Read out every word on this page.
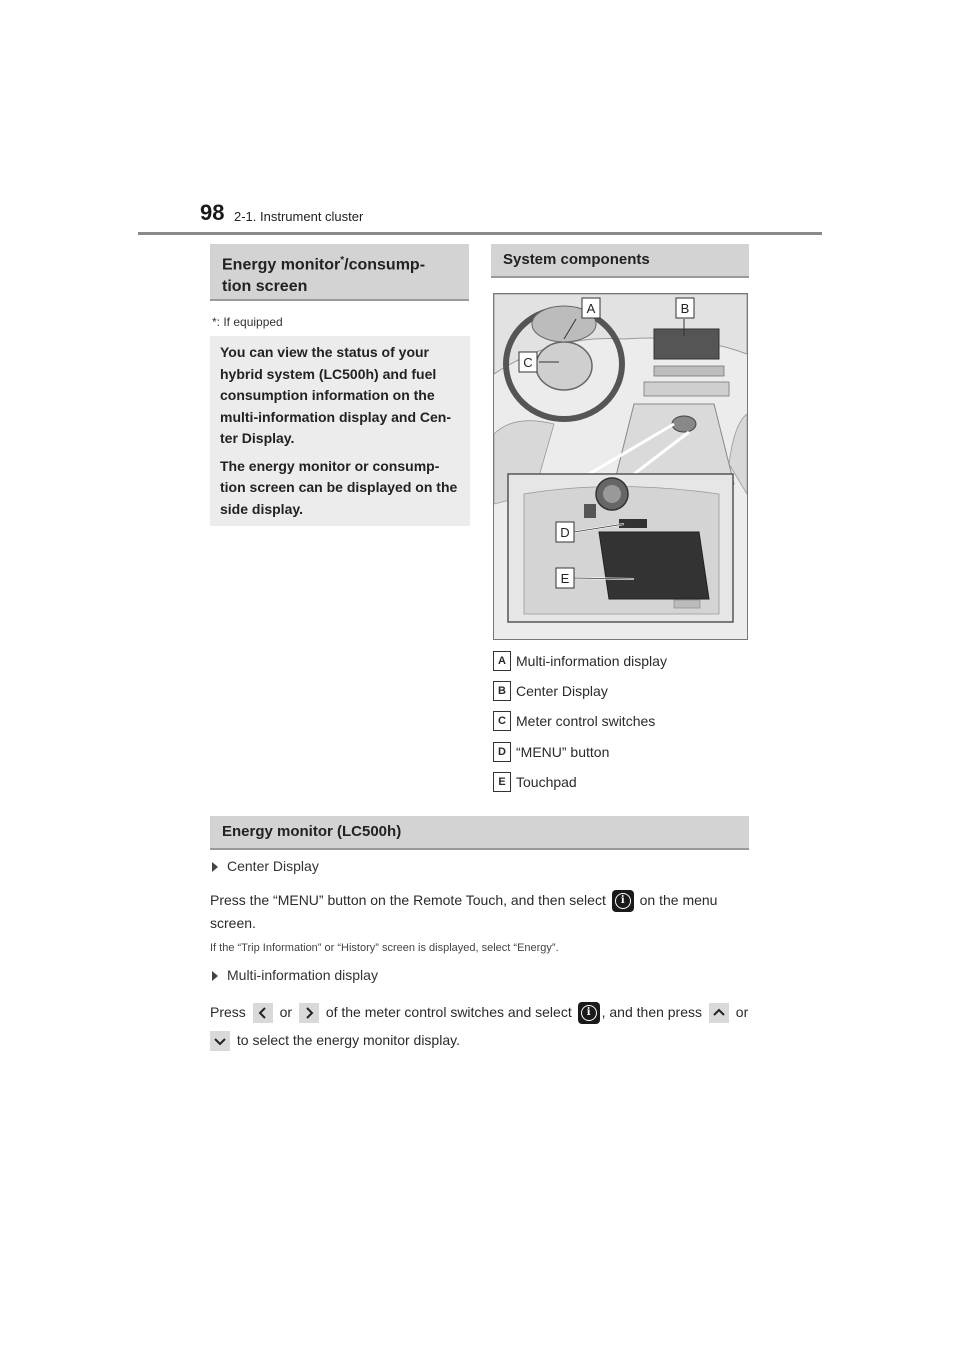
98 2-1. Instrument cluster
Energy monitor*/consump-
tion screen
*: If equipped

You can view the status of your hybrid system (LC500h) and fuel consumption information on the multi-information display and Cen-ter Display.

The energy monitor or consump-tion screen can be displayed on the side display.

System components
A	B
C
D
E
A Multi-information display
B Center Display
C Meter control switches
D “MENU” button
E Touchpad
Energy monitor (LC500h)
Center Display
Press the “MENU” button on the Remote Touch, and then select	i	on the menu screen.
If the “Trip Information” or “History” screen is displayed, select “Energy”.
Multi-information display
Press or of the meter control switches and select	i , and then press or
to select the energy monitor display.
